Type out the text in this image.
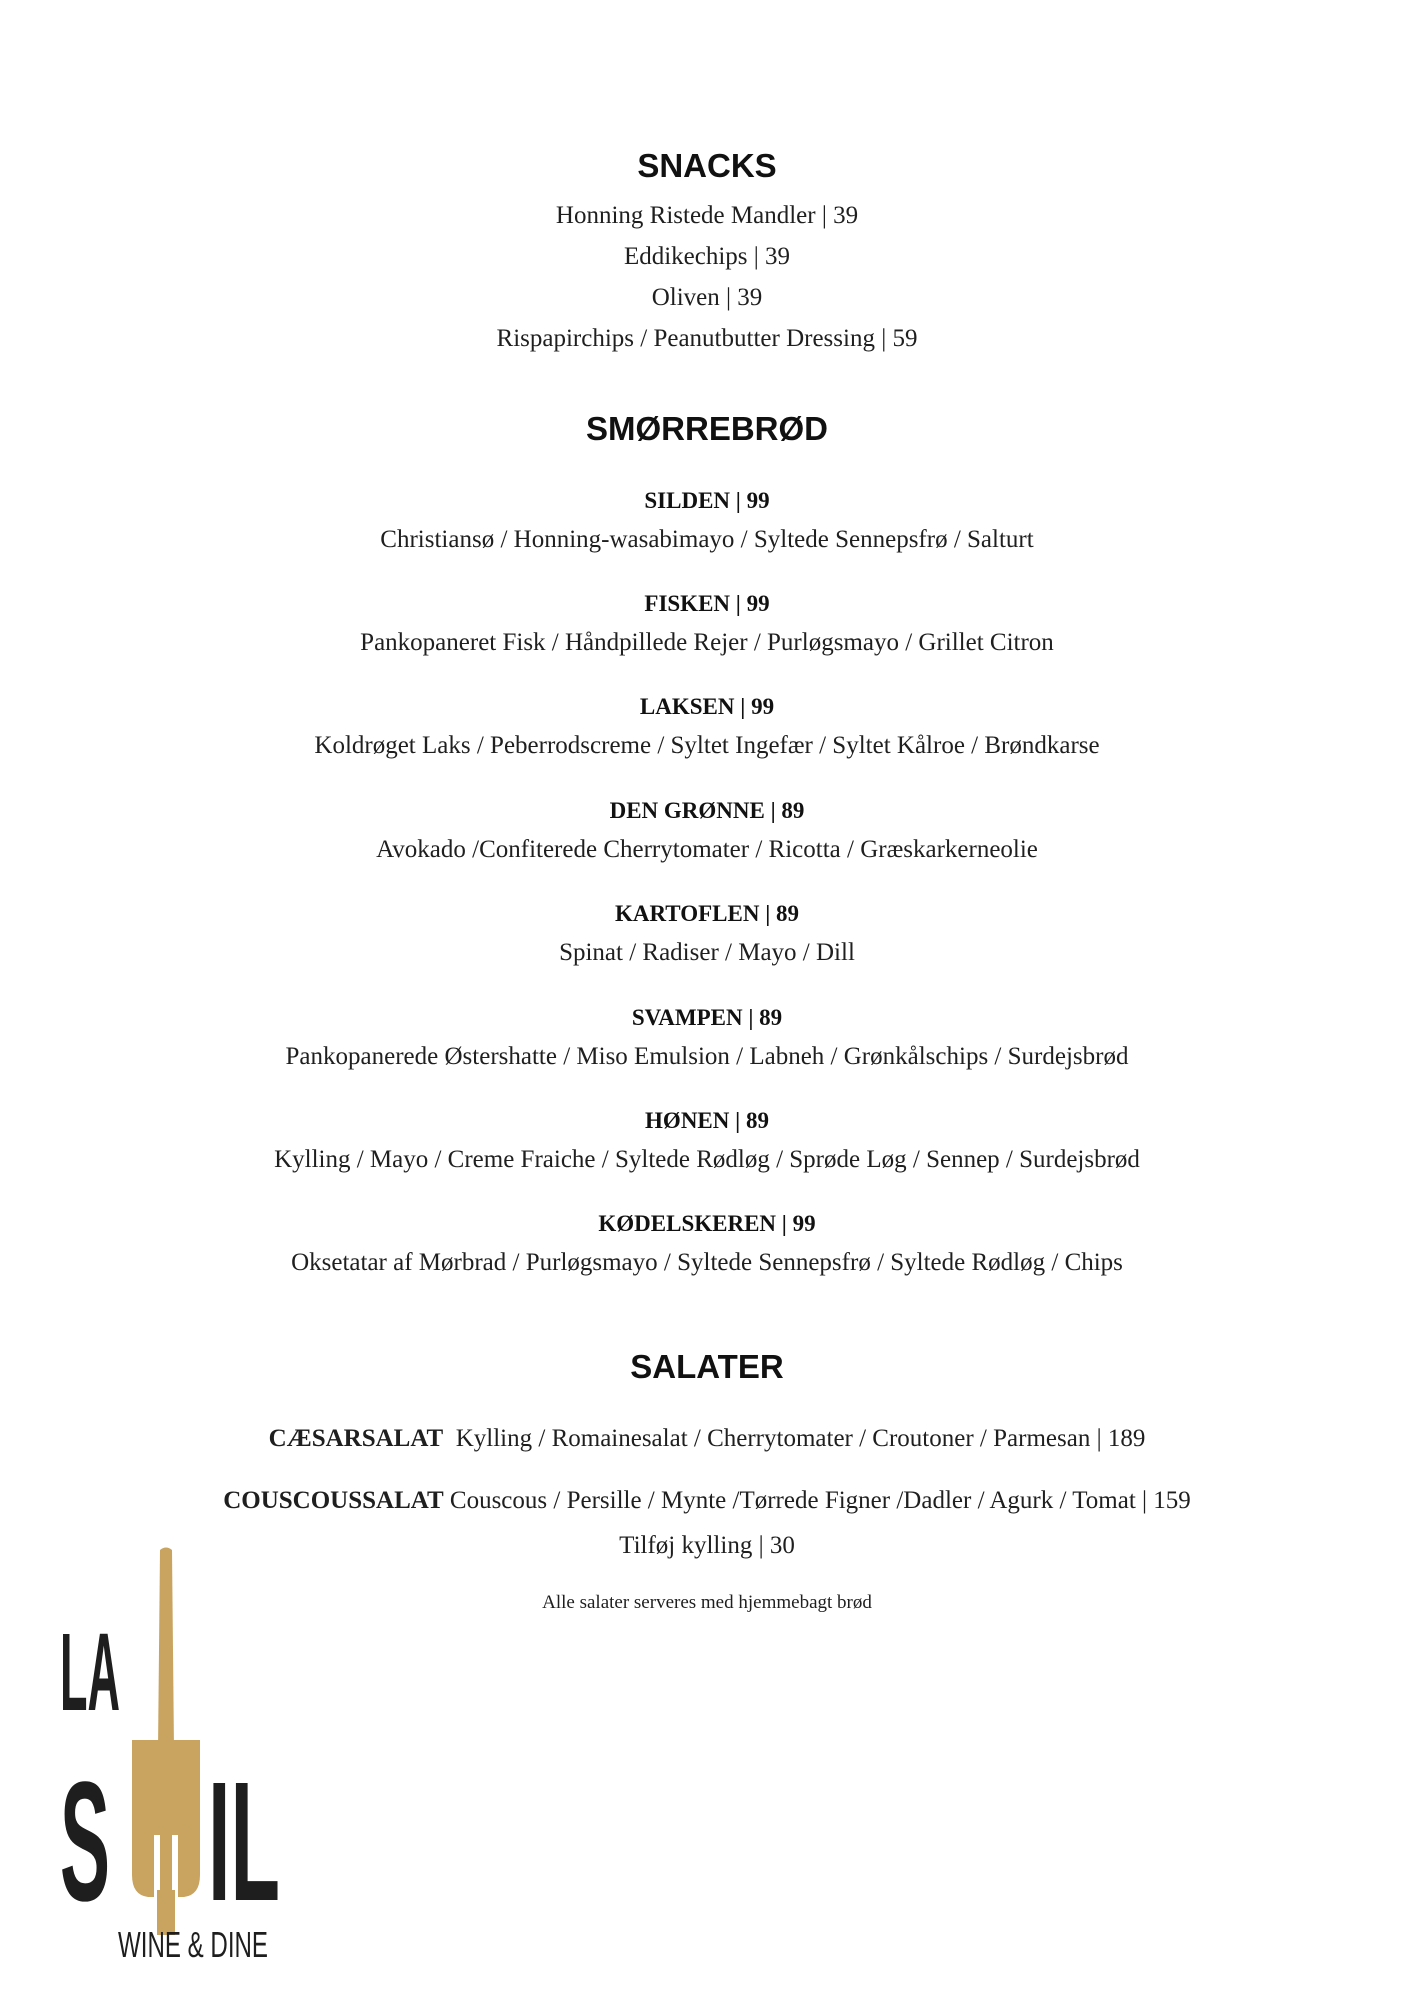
SNACKS
Honning Ristede Mandler | 39
Eddikechips | 39
Oliven | 39
Rispapirchips / Peanutbutter Dressing | 59
SMØRREBRØD
SILDEN | 99
Christiansø / Honning-wasabimayo / Syltede Sennepsfrø / Salturt
FISKEN | 99
Pankopaneret Fisk / Håndpillede Rejer / Purløgsmayo / Grillet Citron
LAKSEN | 99
Koldrøget Laks / Peberrodscreme / Syltet Ingefær / Syltet Kålroe / Brøndkarse
DEN GRØNNE | 89
Avokado /Confiterede Cherrytomater / Ricotta / Græskarkerneolie
KARTOFLEN | 89
Spinat / Radiser / Mayo / Dill
SVAMPEN | 89
Pankopanerede Østershatte / Miso Emulsion / Labneh / Grønkålschips / Surdejsbrød
HØNEN | 89
Kylling / Mayo / Creme Fraiche / Syltede Rødløg / Sprøde Løg / Sennep / Surdejsbrød
KØDELSKEREN | 99
Oksetatar af Mørbrad / Purløgsmayo / Syltede Sennepsfrø / Syltede Rødløg / Chips
SALATER
CÆSARSALAT Kylling / Romainesalat / Cherrytomater / Croutoner / Parmesan | 189
COUSCOUSSALAT Couscous / Persille / Mynte /Tørrede Figner /Dadler / Agurk / Tomat | 159
Tilføj kylling | 30
Alle salater serveres med hjemmebagt brød
LA
S IL
WINE & DINE
